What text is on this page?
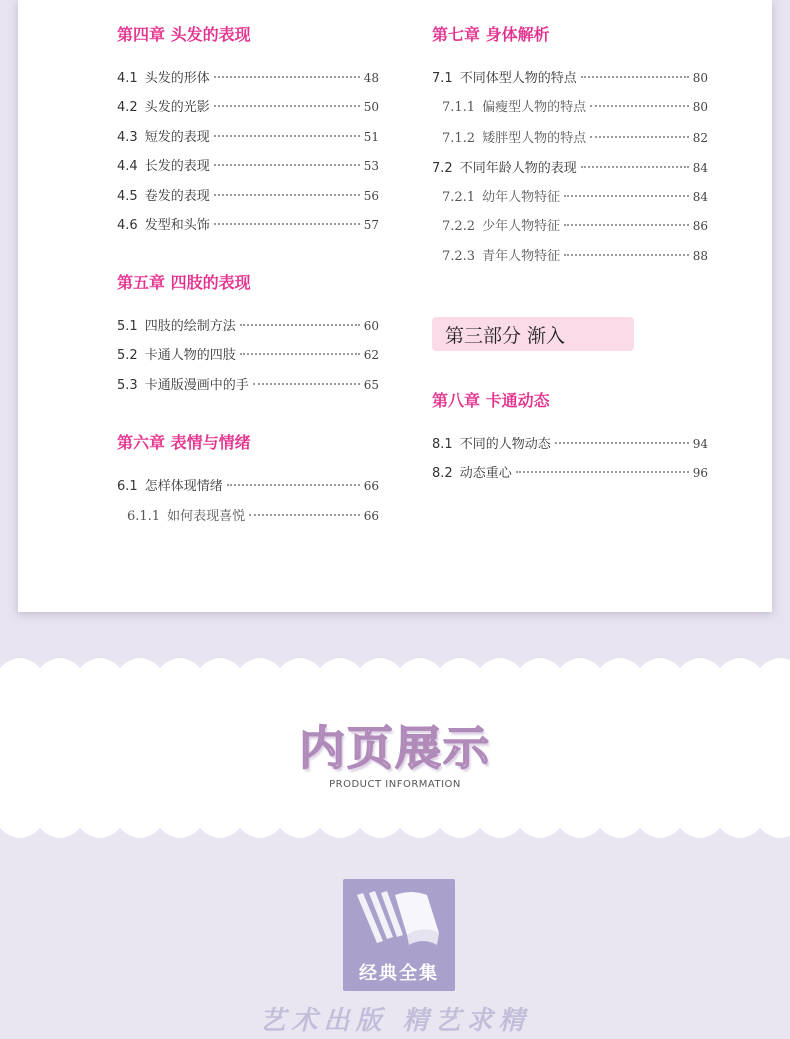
第四章 头发的表现
4.1 头发的形体	48
4.2 头发的光影	50
4.3 短发的表现	51
4.4 长发的表现	53
4.5 卷发的表现	56
4.6 发型和头饰	57
第五章 四肢的表现
5.1 四肢的绘制方法	60
5.2 卡通人物的四肢	62
5.3 卡通版漫画中的手	65
第六章 表情与情绪
6.1 怎样体现情绪	66
6.1.1 如何表现喜悦	66
第七章 身体解析
7.1 不同体型人物的特点	80
7.1.1 偏瘦型人物的特点	80
7.1.2 矮胖型人物的特点	82
7.2 不同年龄人物的表现	84
7.2.1 幼年人物特征	84
7.2.2 少年人物特征	86
7.2.3 青年人物特征	88
第三部分 渐入
第八章 卡通动态
8.1 不同的人物动态	94
8.2 动态重心	96
内页展示
PRODUCT INFORMATION
经典全集
艺术出版 精艺求精
